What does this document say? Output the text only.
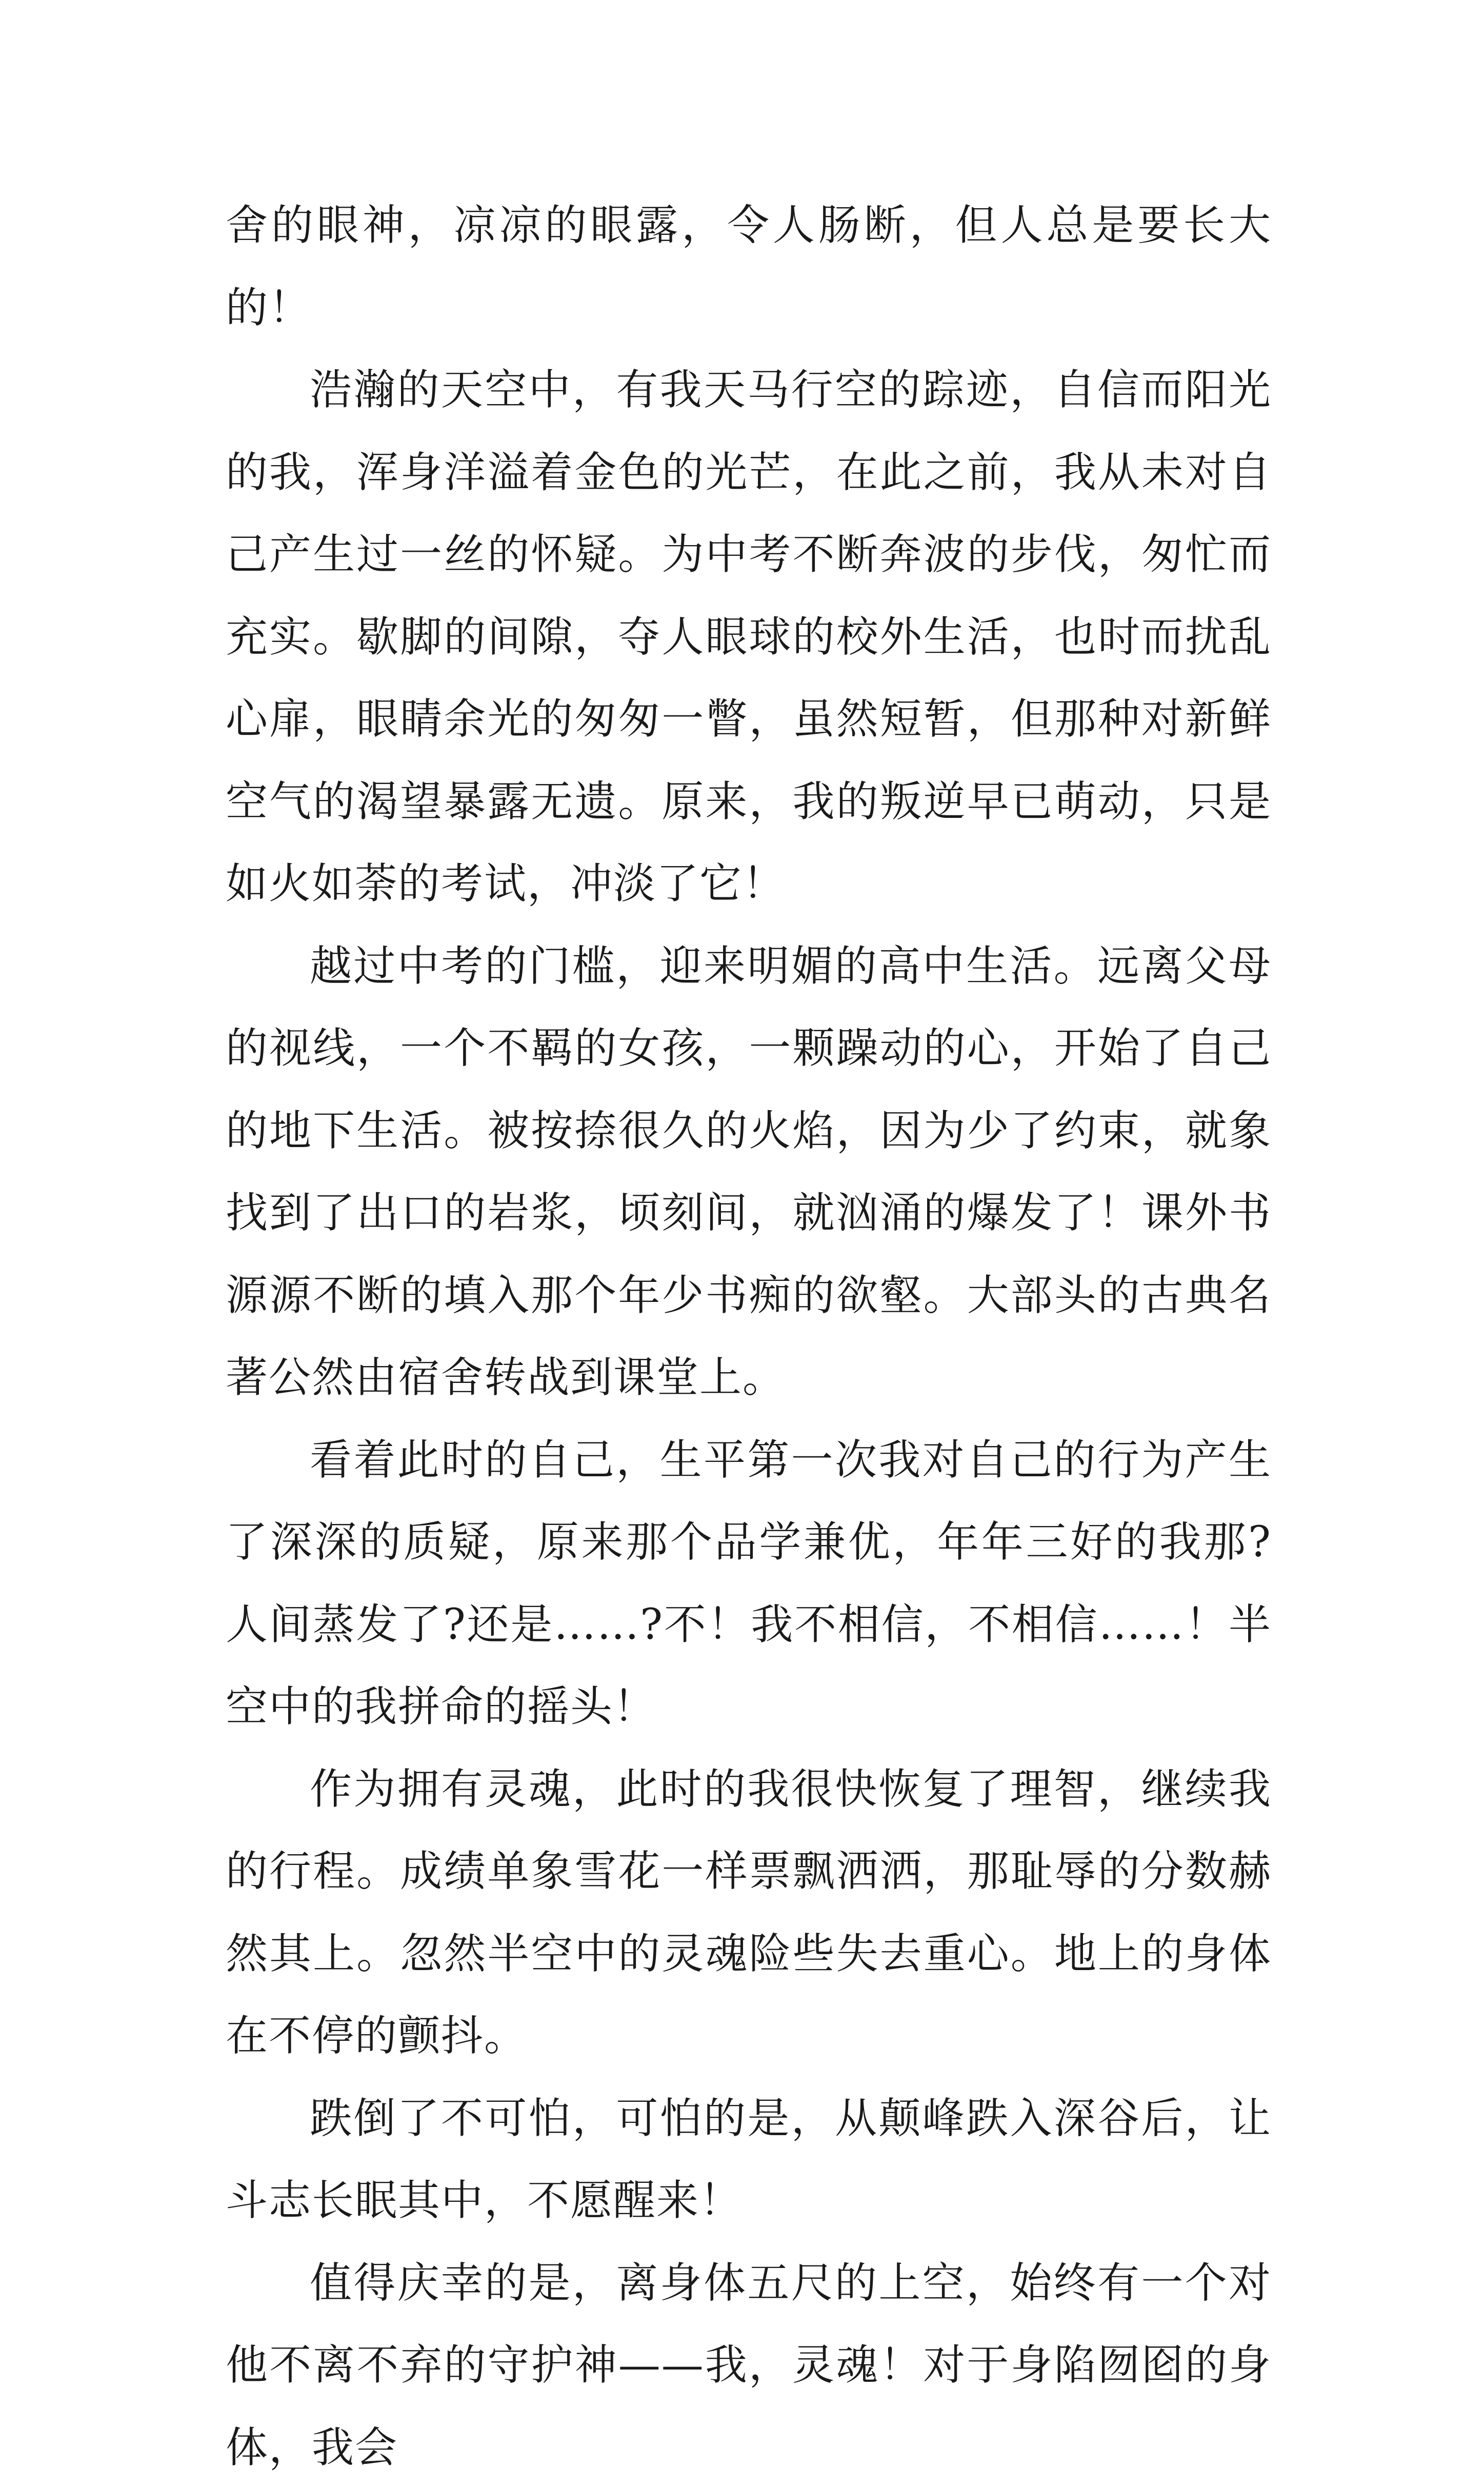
舍的眼神，凉凉的眼露，令人肠断，但人总是要长大的！

浩瀚的天空中，有我天马行空的踪迹，自信而阳光的我，浑身洋溢着金色的光芒，在此之前，我从未对自己产生过一丝的怀疑。为中考不断奔波的步伐，匆忙而充实。歇脚的间隙，夺人眼球的校外生活，也时而扰乱心扉，眼睛余光的匆匆一瞥，虽然短暂，但那种对新鲜空气的渴望暴露无遗。原来，我的叛逆早已萌动，只是如火如荼的考试，冲淡了它！

越过中考的门槛，迎来明媚的高中生活。远离父母的视线，一个不羁的女孩，一颗躁动的心，开始了自己的地下生活。被按捺很久的火焰，因为少了约束，就象找到了出口的岩浆，顷刻间，就汹涌的爆发了！课外书源源不断的填入那个年少书痴的欲壑。大部头的古典名著公然由宿舍转战到课堂上。

看着此时的自己，生平第一次我对自己的行为产生了深深的质疑，原来那个品学兼优，年年三好的我那?人间蒸发了?还是……?不！我不相信，不相信……！半空中的我拼命的摇头！

作为拥有灵魂，此时的我很快恢复了理智，继续我的行程。成绩单象雪花一样票飘洒洒，那耻辱的分数赫然其上。忽然半空中的灵魂险些失去重心。地上的身体在不停的颤抖。

跌倒了不可怕，可怕的是，从颠峰跌入深谷后，让斗志长眠其中，不愿醒来！

值得庆幸的是，离身体五尺的上空，始终有一个对他不离不弃的守护神——我，灵魂！对于身陷囫囵的身体，我会
